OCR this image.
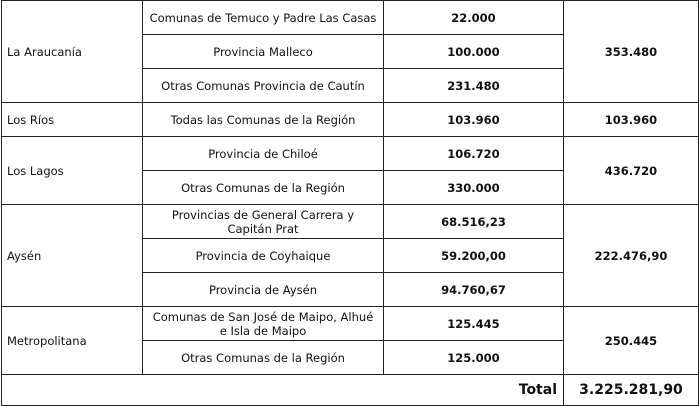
La Araucanía	Comunas de Temuco y Padre Las Casas	22.000	353.480
	Provincia Malleco	100.000	
	Otras Comunas Provincia de Cautín	231.480	
Los Ríos	Todas las Comunas de la Región	103.960	103.960
Los Lagos	Provincia de Chiloé	106.720	436.720
	Otras Comunas de la Región	330.000	
Aysén	Provincias de General Carrera y Capitán Prat	68.516,23	222.476,90
	Provincia de Coyhaique	59.200,00	
	Provincia de Aysén	94.760,67	
Metropolitana	Comunas de San José de Maipo, Alhué e Isla de Maipo	125.445	250.445
	Otras Comunas de la Región	125.000	
		Total	3.225.281,90
